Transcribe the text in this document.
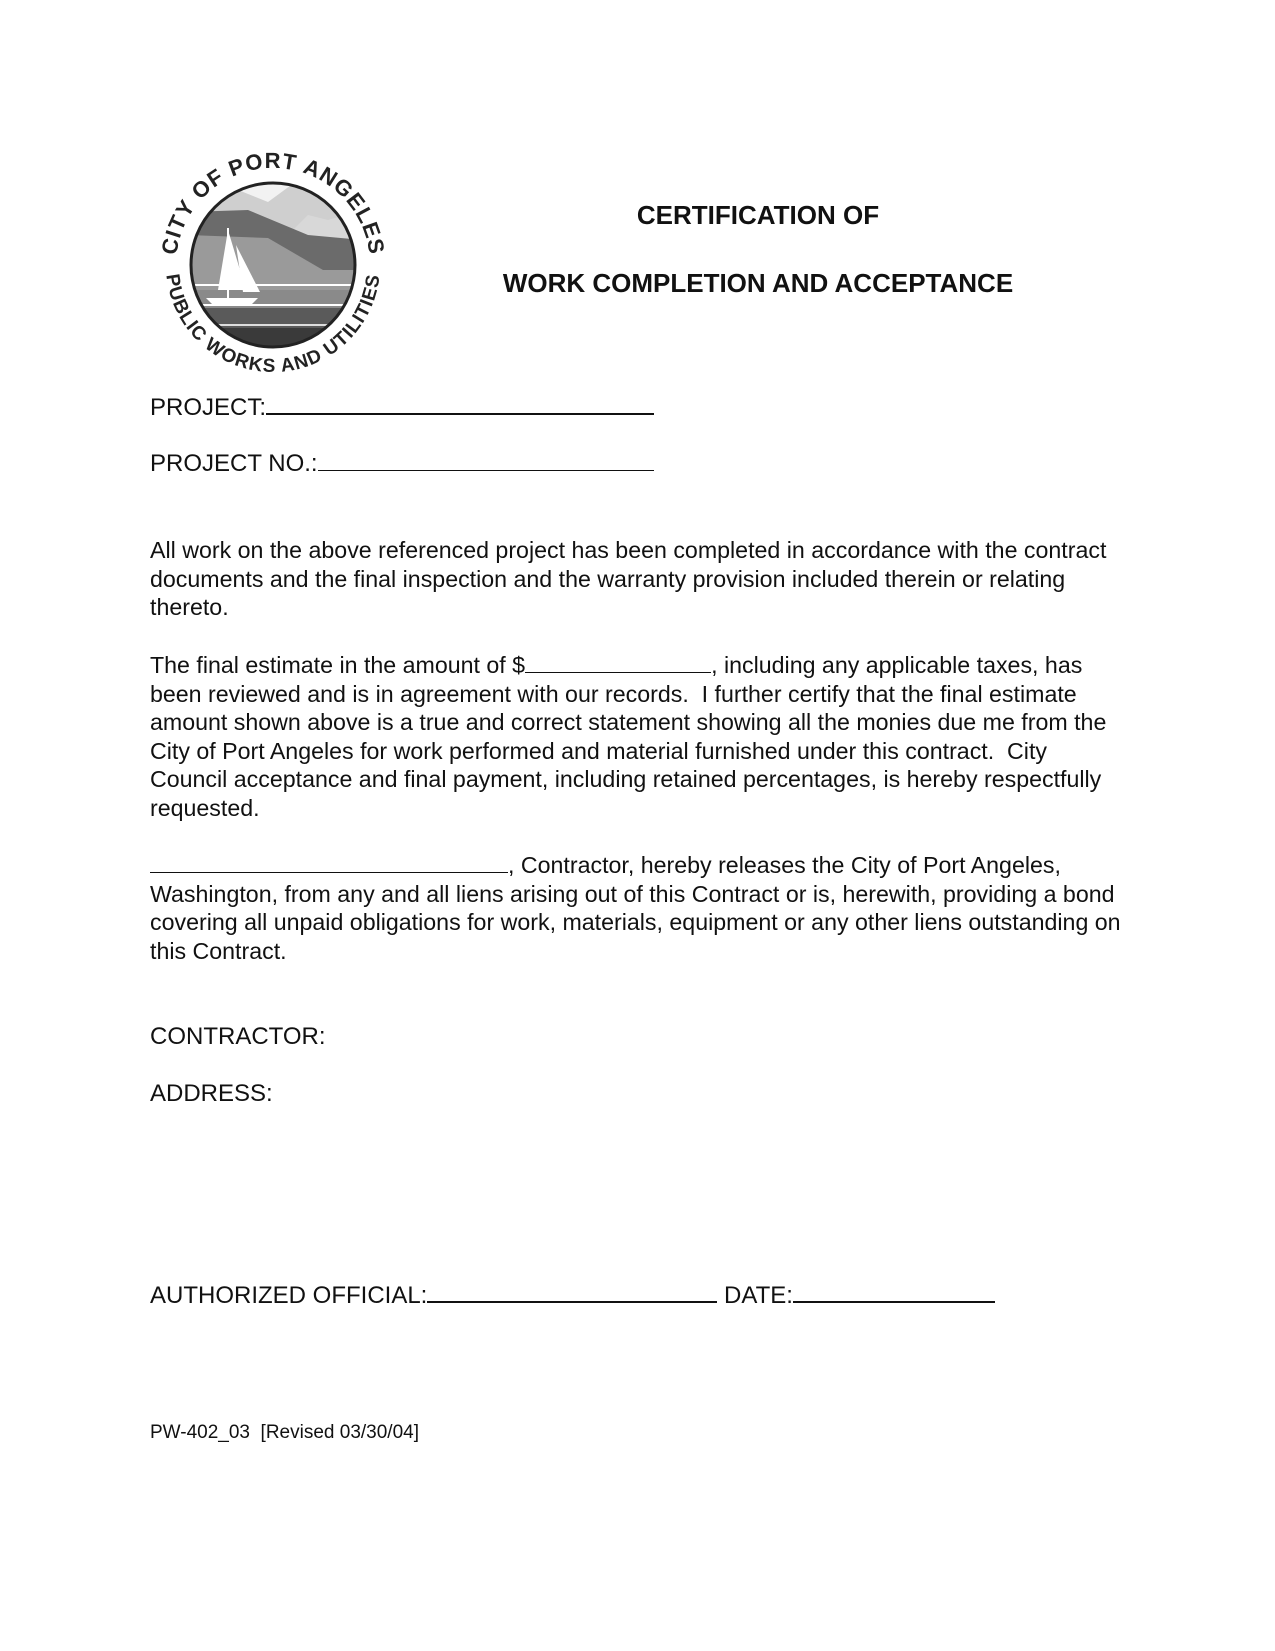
CITY OF PORT ANGELES
PUBLIC WORKS AND UTILITIES
CERTIFICATION OF
WORK COMPLETION AND ACCEPTANCE
PROJECT:
PROJECT NO.:
All work on the above referenced project has been completed in accordance with the contract documents and the final inspection and the warranty provision included therein or relating thereto.
The final estimate in the amount of $	, including any applicable taxes, has been reviewed and is in agreement with our records.  I further certify that the final estimate amount shown above is a true and correct statement showing all the monies due me from the City of Port Angeles for work performed and material furnished under this contract.  City Council acceptance and final payment, including retained percentages, is hereby respectfully requested.
, Contractor, hereby releases the City of Port Angeles, Washington, from any and all liens arising out of this Contract or is, herewith, providing a bond covering all unpaid obligations for work, materials, equipment or any other liens outstanding on this Contract.
CONTRACTOR:
ADDRESS:
AUTHORIZED OFFICIAL:	DATE:
PW-402_03  [Revised 03/30/04]
